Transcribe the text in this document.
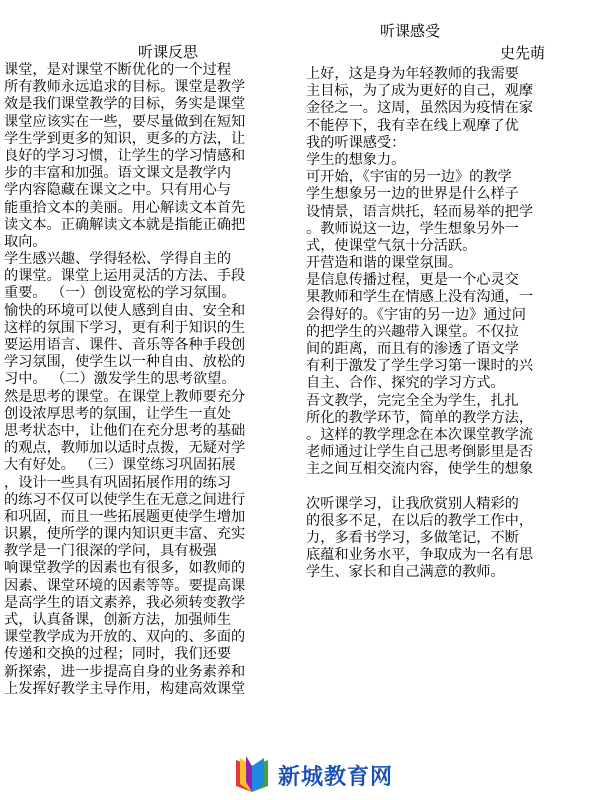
听课反思
课堂，是对课堂不断优化的一个过程
所有教师永远追求的目标。课堂是教学
效是我们课堂教学的目标，务实是课堂
课堂应该实在一些，要尽量做到在短知
学生学到更多的知识，更多的方法，让
良好的学习习惯，让学生的学习情感和
步的丰富和加强。语文课文是教学内
学内容隐藏在课文之中。只有用心与
能重拾文本的美丽。用心解读文本首先
读文本。正确解读文本就是指能正确把
取向。
学生感兴趣、学得轻松、学得自主的
的课堂。课堂上运用灵活的方法、手段
重要。 （一）创设宽松的学习氛围。
愉快的环境可以使人感到自由、安全和
这样的氛围下学习，更有利于知识的生
要运用语言、课件、音乐等各种手段创
学习氛围，使学生以一种自由、放松的
习中。 （二）激发学生的思考欲望。
然是思考的课堂。在课堂上教师要充分
创设浓厚思考的氛围，让学生一直处
思考状态中，让他们在充分思考的基础
的观点，教师加以适时点拨，无疑对学
大有好处。 （三）课堂练习巩固拓展
，设计一些具有巩固拓展作用的练习
的练习不仅可以使学生在无意之间进行
和巩固，而且一些拓展题更使学生增加
识累，使所学的课内知识更丰富、充实
教学是一门很深的学问，具有极强
响课堂教学的因素也有很多，如教师的
因素、课堂环境的因素等等。要提高课
是高学生的语文素养，我必须转变教学
式，认真备课，创新方法，加强师生
课堂教学成为开放的、双向的、多面的
传递和交换的过程；同时，我们还要
新探索，进一步提高自身的业务素养和
上发挥好教学主导作用，构建高效课堂
听课感受
史先萌
上好，这是身为年轻教师的我需要
主目标，为了成为更好的自己，观摩
金径之一。这周，虽然因为疫情在家
不能停下，我有幸在线上观摩了优
我的听课感受：
学生的想象力。
可开始，《宇宙的另一边》的教学
学生想象另一边的世界是什么样子
设情景，语言烘托，轻而易举的把学
。教师说这一边，学生想象另外一
式，使课堂气氛十分活跃。
开营造和谐的课堂氛围。
是信息传播过程，更是一个心灵交
果教师和学生在情感上没有沟通，一
会得好的。《宇宙的另一边》通过问
的把学生的兴趣带入课堂。不仅拉
间的距离，而且有的渗透了语文学
有利于激发了学生学习第一课时的兴
自主、合作、探究的学习方式。
吾文教学，完完全全为学生，扎扎
所化的教学环节，简单的教学方法，
。这样的教学理念在本次课堂教学流
老师通过让学生自己思考倒影里是否
主之间互相交流内容，使学生的想象
次听课学习，让我欣赏别人精彩的
的很多不足，在以后的教学工作中，
力，多看书学习，多做笔记，不断
底蕴和业务水平，争取成为一名有思
学生、家长和自己满意的教师。
新城教育网
